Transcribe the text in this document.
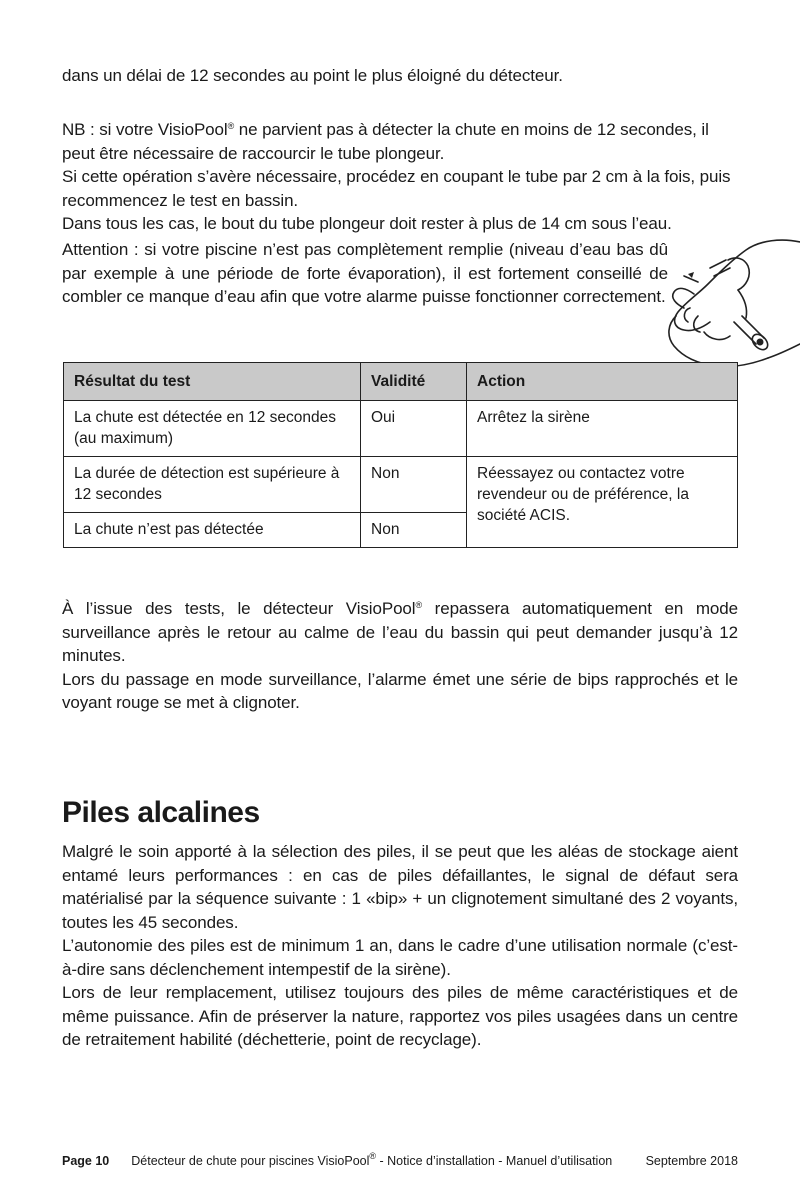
dans un délai de 12 secondes au point le plus éloigné du détecteur.

NB : si votre VisioPool® ne parvient pas à détecter la chute en moins de 12 secondes, il peut être nécessaire de raccourcir le tube plongeur.
Si cette opération s’avère nécessaire, procédez en coupant le tube par 2 cm à la fois, puis recommencez le test en bassin.
Dans tous les cas, le bout du tube plongeur doit rester à plus de 14 cm sous l’eau.

Attention : si votre piscine n’est pas complètement remplie (niveau d’eau bas dû par exemple à une période de forte évaporation), il est fortement conseillé de combler ce manque d’eau afin que votre alarme puisse fonctionner correctement.

Résultat du test	Validité	Action
La chute est détectée en 12 secondes (au maximum)	Oui	Arrêtez la sirène
La durée de détection est supérieure à 12 secondes	Non	Réessayez ou contactez votre revendeur ou de préférence, la société ACIS.
La chute n’est pas détectée	Non	

À l’issue des tests, le détecteur VisioPool® repassera automatiquement en mode surveillance après le retour au calme de l’eau du bassin qui peut demander jusqu’à 12 minutes.
Lors du passage en mode surveillance, l’alarme émet une série de bips rapprochés et le voyant rouge se met à clignoter.

Piles alcalines

Malgré le soin apporté à la sélection des piles, il se peut que les aléas de stockage aient entamé leurs performances : en cas de piles défaillantes, le signal de défaut sera matérialisé par la séquence suivante : 1 «bip» + un clignotement simultané des 2 voyants, toutes les 45 secondes.
L’autonomie des piles est de minimum 1 an, dans le cadre d’une utilisation normale (c’est-à-dire sans déclenchement intempestif de la sirène).
Lors de leur remplacement, utilisez toujours des piles de même caractéristiques et de même puissance. Afin de préserver la nature, rapportez vos piles usagées dans un centre de retraitement habilité (déchetterie, point de recyclage).

Page 10 Détecteur de chute pour piscines VisioPool® - Notice d’installation - Manuel d’utilisation	Septembre 2018
